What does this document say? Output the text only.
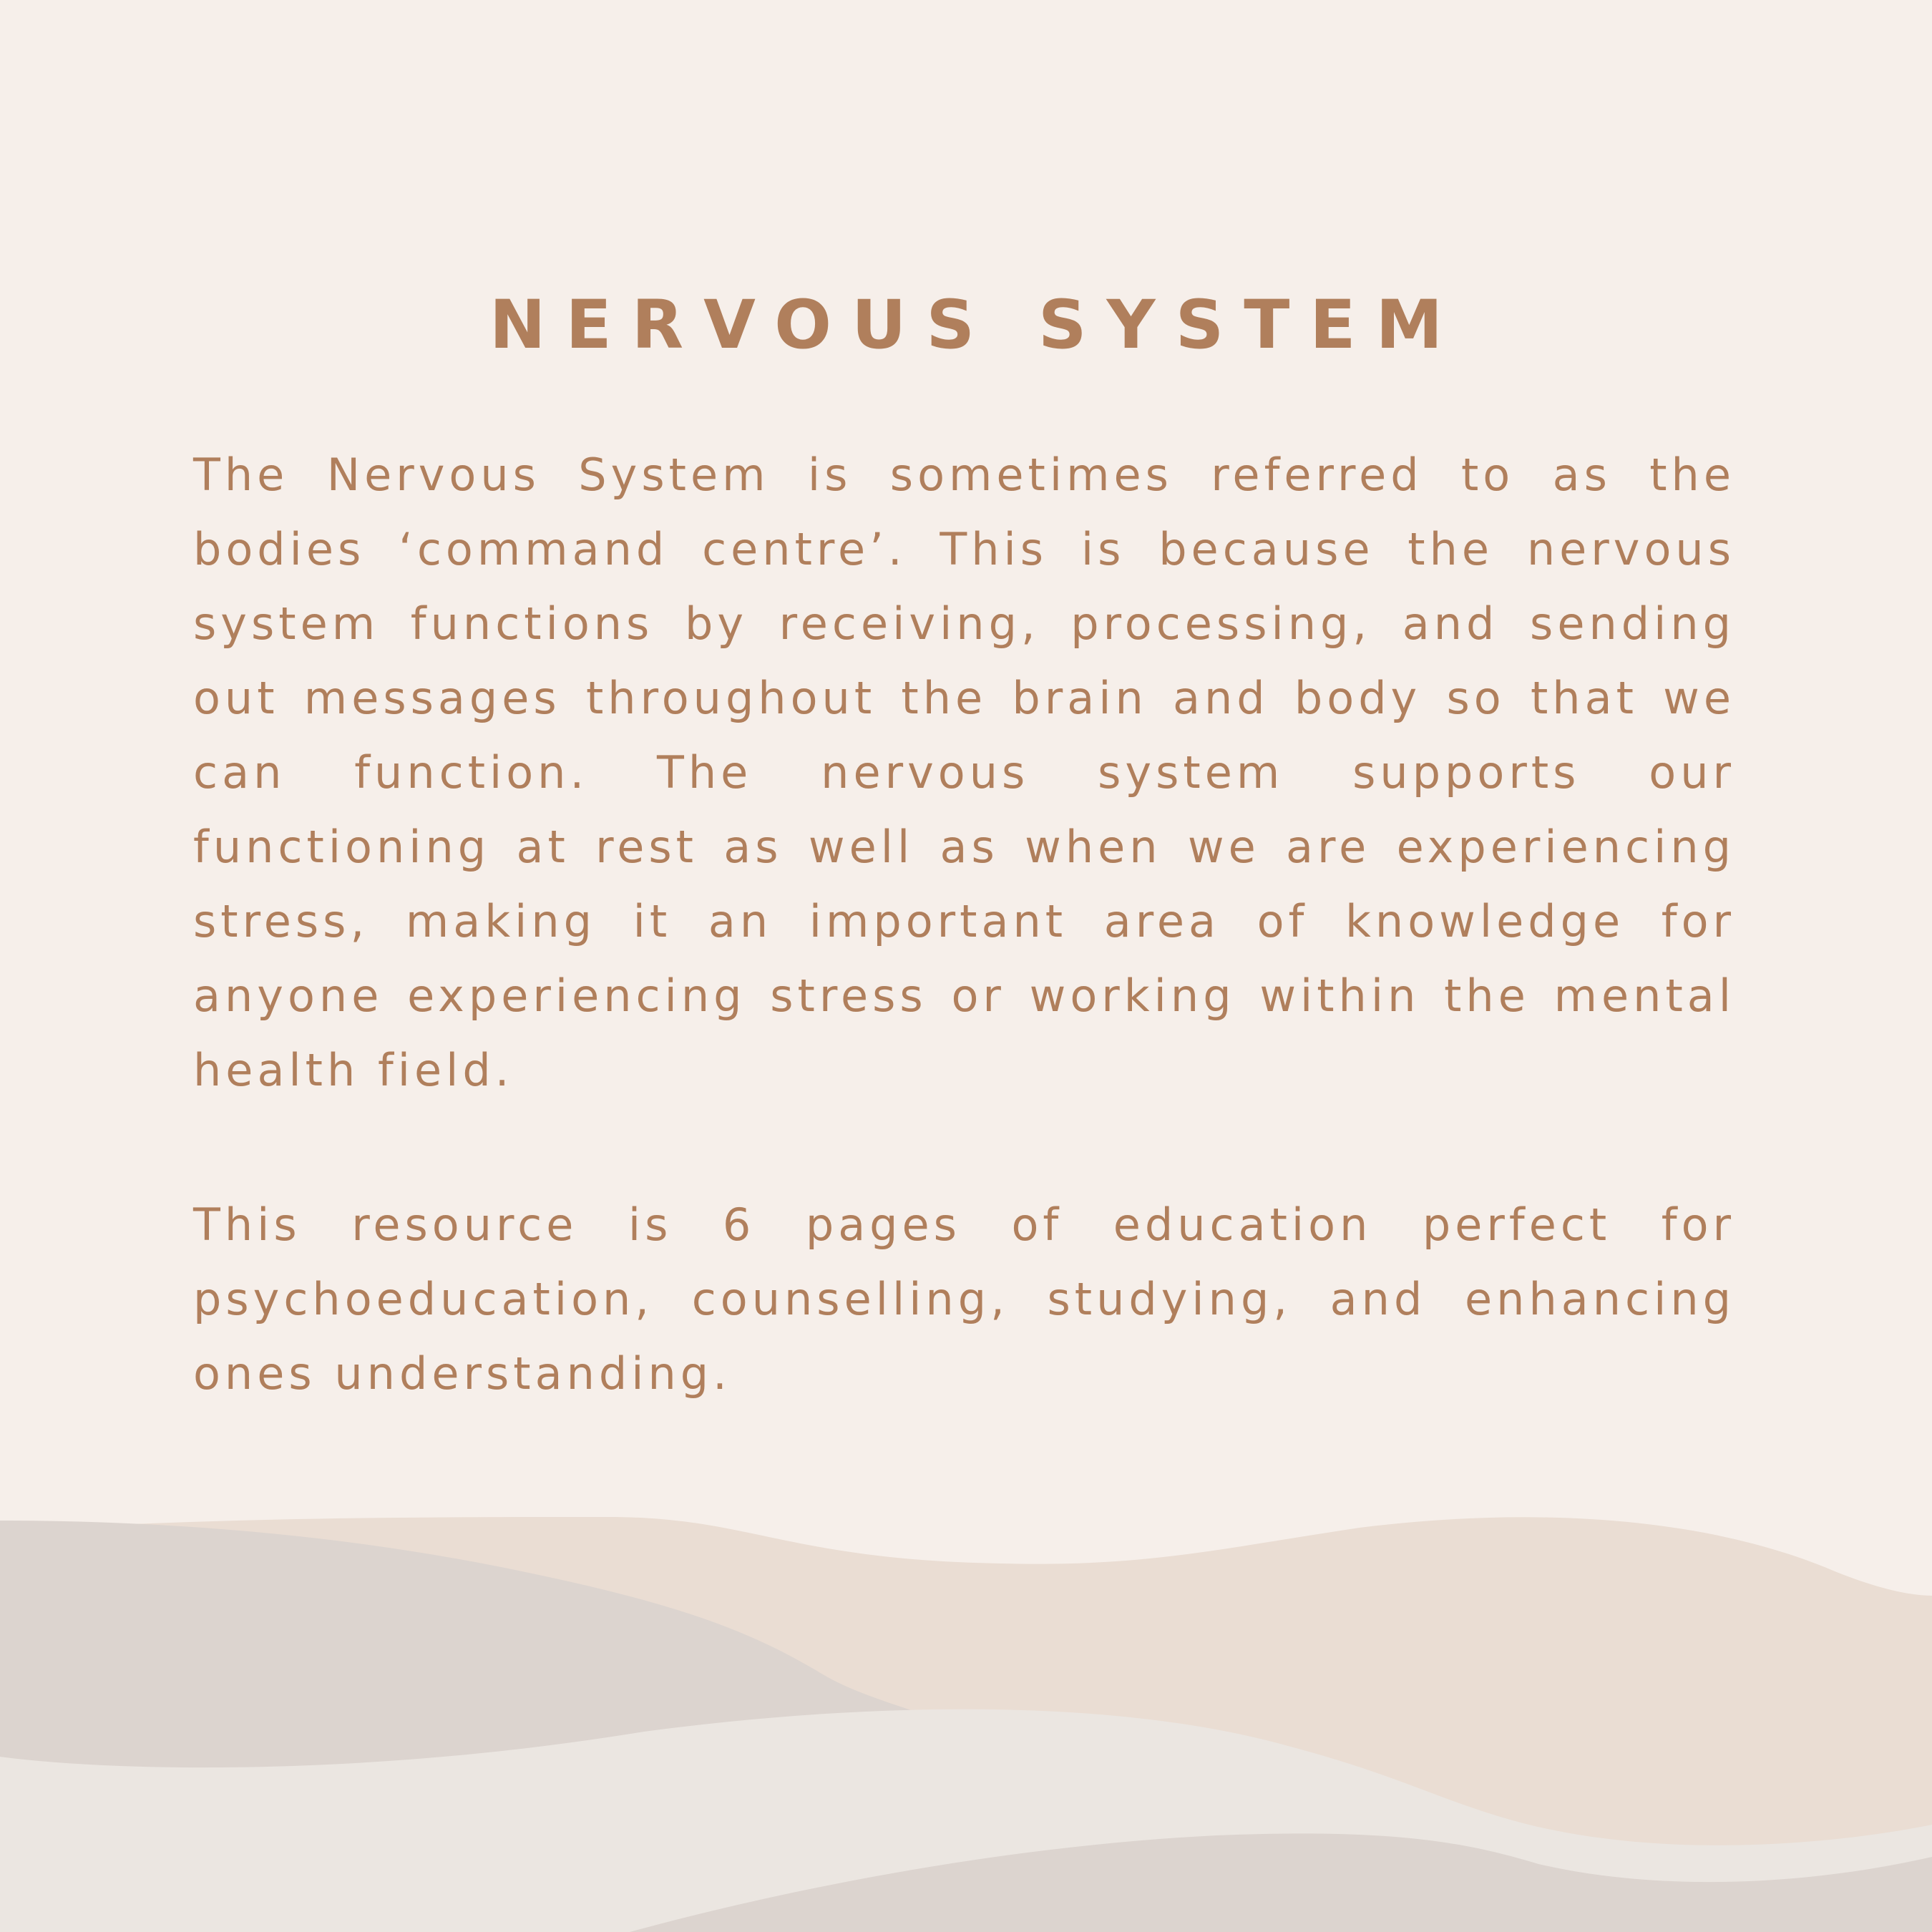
NERVOUS SYSTEM

The Nervous System is sometimes referred to as the bodies ‘command centre’. This is because the nervous system functions by receiving, processing, and sending out messages throughout the brain and body so that we can function. The nervous system supports our functioning at rest as well as when we are experiencing stress, making it an important area of knowledge for anyone experiencing stress or working within the mental health field.

This resource is 6 pages of education perfect for psychoeducation, counselling, studying, and enhancing ones understanding.
